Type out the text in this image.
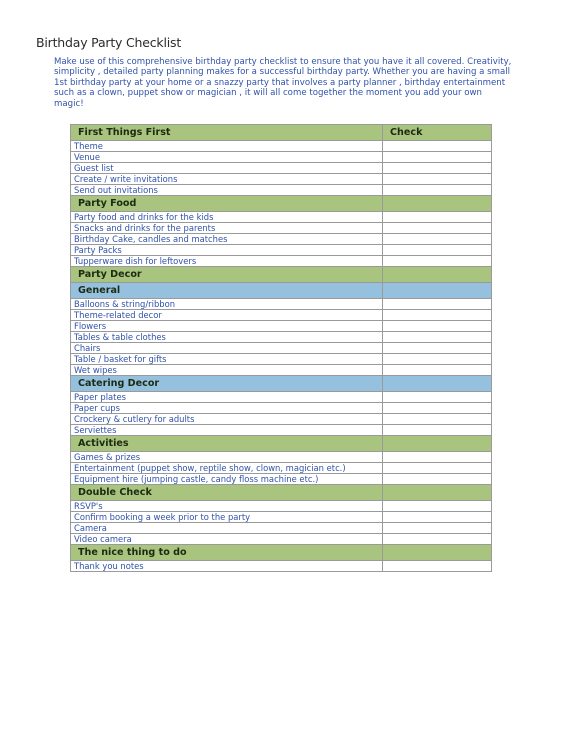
Birthday Party Checklist
Make use of this comprehensive birthday party checklist to ensure that you have it all covered. Creativity, simplicity , detailed party planning makes for a successful birthday party. Whether you are having a small 1st birthday party at your home or a snazzy party that involves a party planner , birthday entertainment such as a clown, puppet show or magician , it will all come together the moment you add your own magic!
First Things First	Check
Theme	
Venue	
Guest list	
Create / write invitations	
Send out invitations	
Party Food	
Party food and drinks for the kids	
Snacks and drinks for the parents	
Birthday Cake, candles and matches	
Party Packs	
Tupperware dish for leftovers	
Party Decor	
General	
Balloons & string/ribbon	
Theme-related decor	
Flowers	
Tables & table clothes	
Chairs	
Table / basket for gifts	
Wet wipes	
Catering Decor	
Paper plates	
Paper cups	
Crockery & cutlery for adults	
Serviettes	
Activities	
Games & prizes	
Entertainment (puppet show, reptile show, clown, magician etc.)	
Equipment hire (jumping castle, candy floss machine etc.)	
Double Check	
RSVP's	
Confirm booking a week prior to the party	
Camera	
Video camera	
The nice thing to do	
Thank you notes	
